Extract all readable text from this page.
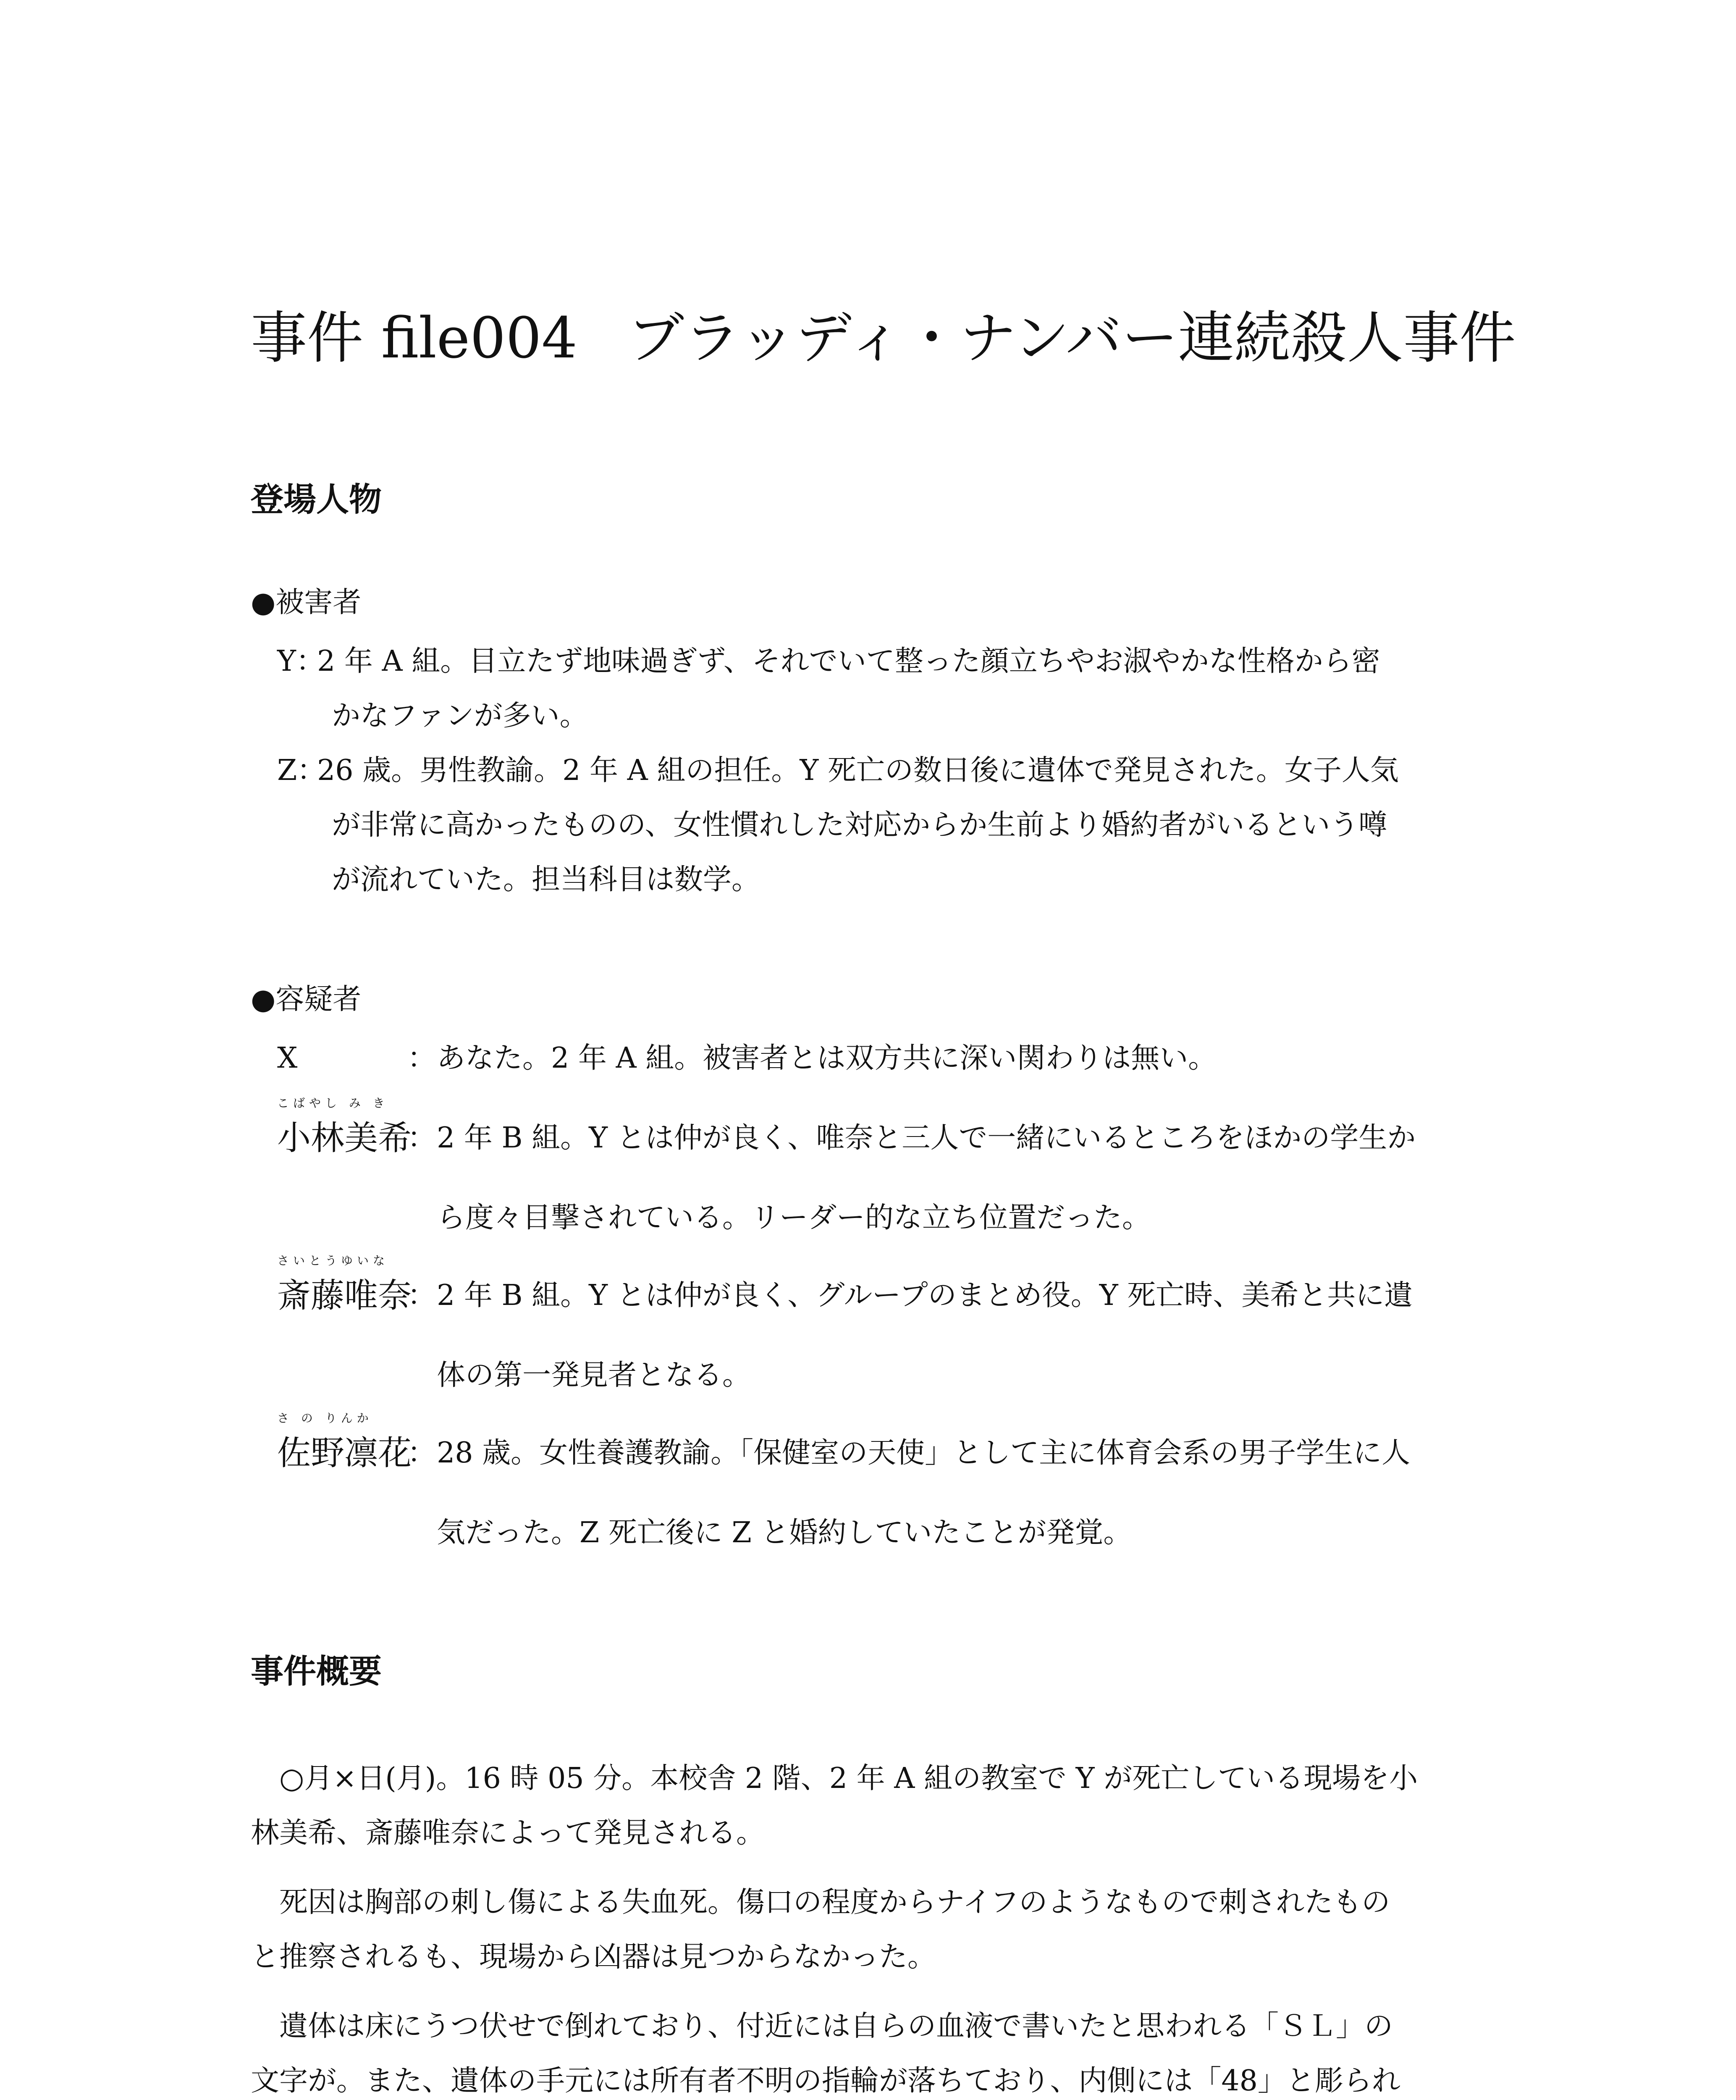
事件 file004 ブラッディ・ナンバー連続殺人事件
登場人物
●被害者
Y：
2 年 A 組。目立たず地味過ぎず、それでいて整った顔立ちやお淑やかな性格から密
かなファンが多い。
Z：
26 歳。男性教諭。2 年 A 組の担任。Y 死亡の数日後に遺体で発見された。女子人気
が非常に高かったものの、女性慣れした対応からか生前より婚約者がいるという噂
が流れていた。担当科目は数学。
●容疑者
X	： あなた。2 年 A 組。被害者とは双方共に深い関わりは無い。
こばやし み き
小林美希
： 2 年 B 組。Y とは仲が良く、唯奈と三人で一緒にいるところをほかの学生か
ら度々目撃されている。リーダー的な立ち位置だった。
さいとうゆいな
斎藤唯奈
： 2 年 B 組。Y とは仲が良く、グループのまとめ役。Y 死亡時、美希と共に遺
体の第一発見者となる。
さ の りんか
佐野凛花
： 28 歳。女性養護教諭。「保健室の天使」として主に体育会系の男子学生に人
気だった。Z 死亡後に Z と婚約していたことが発覚。
事件概要
○月×日(月)。16 時 05 分。本校舎 2 階、2 年 A 組の教室で Y が死亡している現場を小
林美希、斎藤唯奈によって発見される。
死因は胸部の刺し傷による失血死。傷口の程度からナイフのようなもので刺されたもの
と推察されるも、現場から凶器は見つからなかった。
遺体は床にうつ伏せで倒れており、付近には自らの血液で書いたと思われる「ＳＬ」の
文字が。また、遺体の手元には所有者不明の指輪が落ちており、内側には「48」と彫られ
